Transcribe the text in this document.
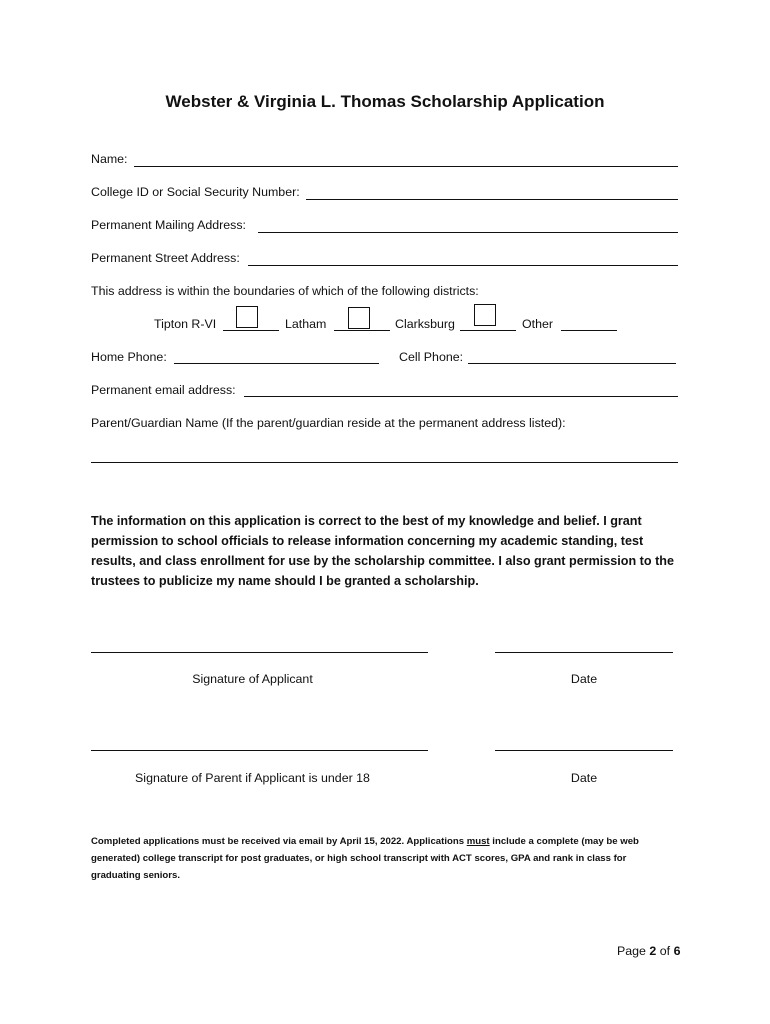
Webster & Virginia L. Thomas Scholarship Application
Name:
College ID or Social Security Number:
Permanent Mailing Address:
Permanent Street Address:
This address is within the boundaries of which of the following districts:
Tipton R-VI	Latham	Clarksburg	Other
Home Phone:	Cell Phone:
Permanent email address:
Parent/Guardian Name (If the parent/guardian reside at the permanent address listed):
The information on this application is correct to the best of my knowledge and belief. I grant permission to school officials to release information concerning my academic standing, test results, and class enrollment for use by the scholarship committee. I also grant permission to the trustees to publicize my name should I be granted a scholarship.
Signature of Applicant	Date
Signature of Parent if Applicant is under 18	Date
Completed applications must be received via email by April 15, 2022. Applications must include a complete (may be web generated) college transcript for post graduates, or high school transcript with ACT scores, GPA and rank in class for graduating seniors.
Page 2 of 6
